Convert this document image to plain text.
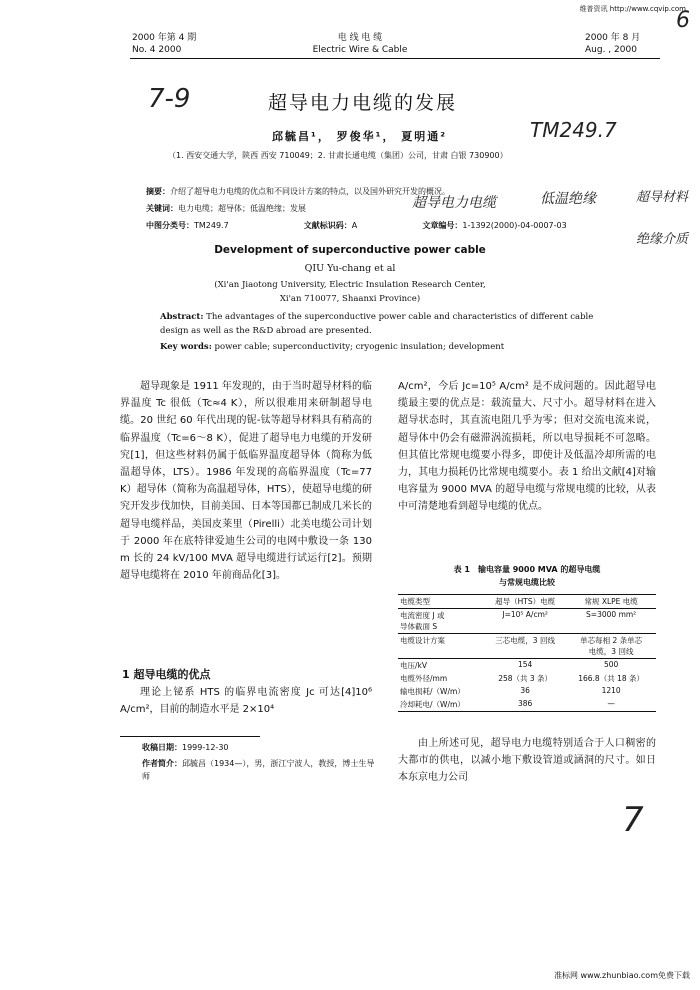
维普资讯 http://www.cqvip.com
6
2000 年第 4 期
No. 4 2000
电 线 电 缆
Electric Wire & Cable
2000 年 8 月
Aug. , 2000
7-9	超导电力电缆的发展
邱毓昌¹， 罗俊华¹， 夏明通²	TM249.7
（1. 西安交通大学，陕西 西安 710049；2. 甘肃长通电缆（集团）公司，甘肃 白银 730900）
摘要：介绍了超导电力电缆的优点和不同设计方案的特点，以及国外研究开发的概况。
关键词：电力电缆；超导体；低温绝缘；发展	超导电力电缆	低温绝缘	超导材料
绝缘介质
中图分类号：TM249.7	文献标识码：A	文章编号：1-1392(2000)-04-0007-03
Development of superconductive power cable
QIU Yu-chang et al
(Xi'an Jiaotong University, Electric Insulation Research Center,
Xi'an 710077, Shaanxi Province)
Abstract: The advantages of the superconductive power cable and characteristics of different cable design as well as the R&D abroad are presented.
Key words: power cable; superconductivity; cryogenic insulation; development

超导现象是 1911 年发现的，由于当时超导材料的临界温度 Tc 很低（Tc≈4 K），所以很难用来研制超导电缆。20 世纪 60 年代出现的铌-钛等超导材料具有稍高的临界温度（Tc=6～8 K），促进了超导电力电缆的开发研究[1]，但这些材料仍属于低临界温度超导体（简称为低温超导体，LTS）。1986 年发现的高临界温度（Tc=77 K）超导体（简称为高温超导体，HTS），使超导电缆的研究开发步伐加快，目前美国、日本等国都已制成几米长的超导电缆样品，美国皮莱里（Pirelli）北美电缆公司计划于 2000 年在底特律爱迪生公司的电网中敷设一条 130 m 长的 24 kV/100 MVA 超导电缆进行试运行[2]。预期超导电缆将在 2010 年前商品化[3]。

1 超导电缆的优点

理论上铋系 HTS 的临界电流密度 Jc 可达[4]10⁶ A/cm²，目前的制造水平是 2×10⁴

收稿日期：1999-12-30
作者简介：邱毓昌（1934—），男，浙江宁波人，教授，博士生导师

A/cm²，今后 Jc=10⁵ A/cm² 是不成问题的。因此超导电缆最主要的优点是：载流量大、尺寸小。超导材料在进入超导状态时，其直流电阻几乎为零；但对交流电流来说，超导体中仍会有磁滞涡流损耗，所以电导损耗不可忽略。但其值比常规电缆要小得多，即使计及低温冷却所需的电力，其电力损耗仍比常规电缆要小。表 1 给出文献[4]对输电容量为 9000 MVA 的超导电缆与常规电缆的比较，从表中可清楚地看到超导电缆的优点。

表 1　输电容量 9000 MVA 的超导电缆
与常规电缆比较
电缆类型	超导（HTS）电缆	常规 XLPE 电缆
电流密度 J 或
导体截面 S	J=10⁵ A/cm²	S=3000 mm²
电缆设计方案	三芯电缆，3 回线	单芯每相 2 条单芯
电缆，3 回线
电压/kV	154	500
电缆外径/mm	258（共 3 条）	166.8（共 18 条）
输电损耗/（W/m）	36	1210
冷却耗电/（W/m）	386	—

由上所述可见，超导电力电缆特别适合于人口稠密的大都市的供电，以减小地下敷设管道或涵洞的尺寸。如日本东京电力公司

7
准标网 www.zhunbiao.com免费下载
